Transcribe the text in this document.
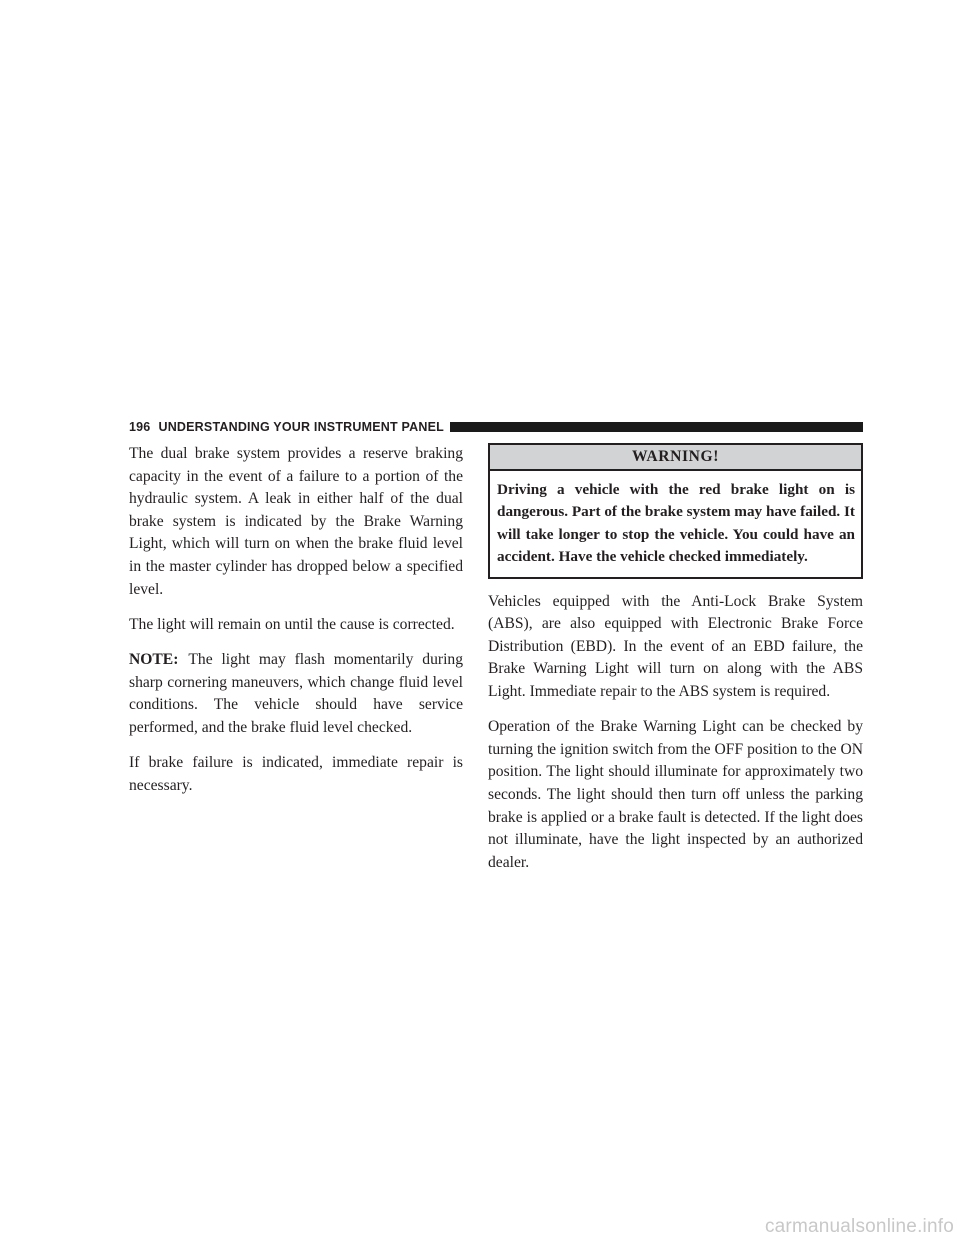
196 UNDERSTANDING YOUR INSTRUMENT PANEL

The dual brake system provides a reserve braking capacity in the event of a failure to a portion of the hydraulic system. A leak in either half of the dual brake system is indicated by the Brake Warning Light, which will turn on when the brake fluid level in the master cylinder has dropped below a specified level.

The light will remain on until the cause is corrected.

NOTE: The light may flash momentarily during sharp cornering maneuvers, which change fluid level conditions. The vehicle should have service performed, and the brake fluid level checked.

If brake failure is indicated, immediate repair is necessary.

WARNING!
Driving a vehicle with the red brake light on is dangerous. Part of the brake system may have failed. It will take longer to stop the vehicle. You could have an accident. Have the vehicle checked immediately.

Vehicles equipped with the Anti-Lock Brake System (ABS), are also equipped with Electronic Brake Force Distribution (EBD). In the event of an EBD failure, the Brake Warning Light will turn on along with the ABS Light. Immediate repair to the ABS system is required.

Operation of the Brake Warning Light can be checked by turning the ignition switch from the OFF position to the ON position. The light should illuminate for approximately two seconds. The light should then turn off unless the parking brake is applied or a brake fault is detected. If the light does not illuminate, have the light inspected by an authorized dealer.

carmanualsonline.info
